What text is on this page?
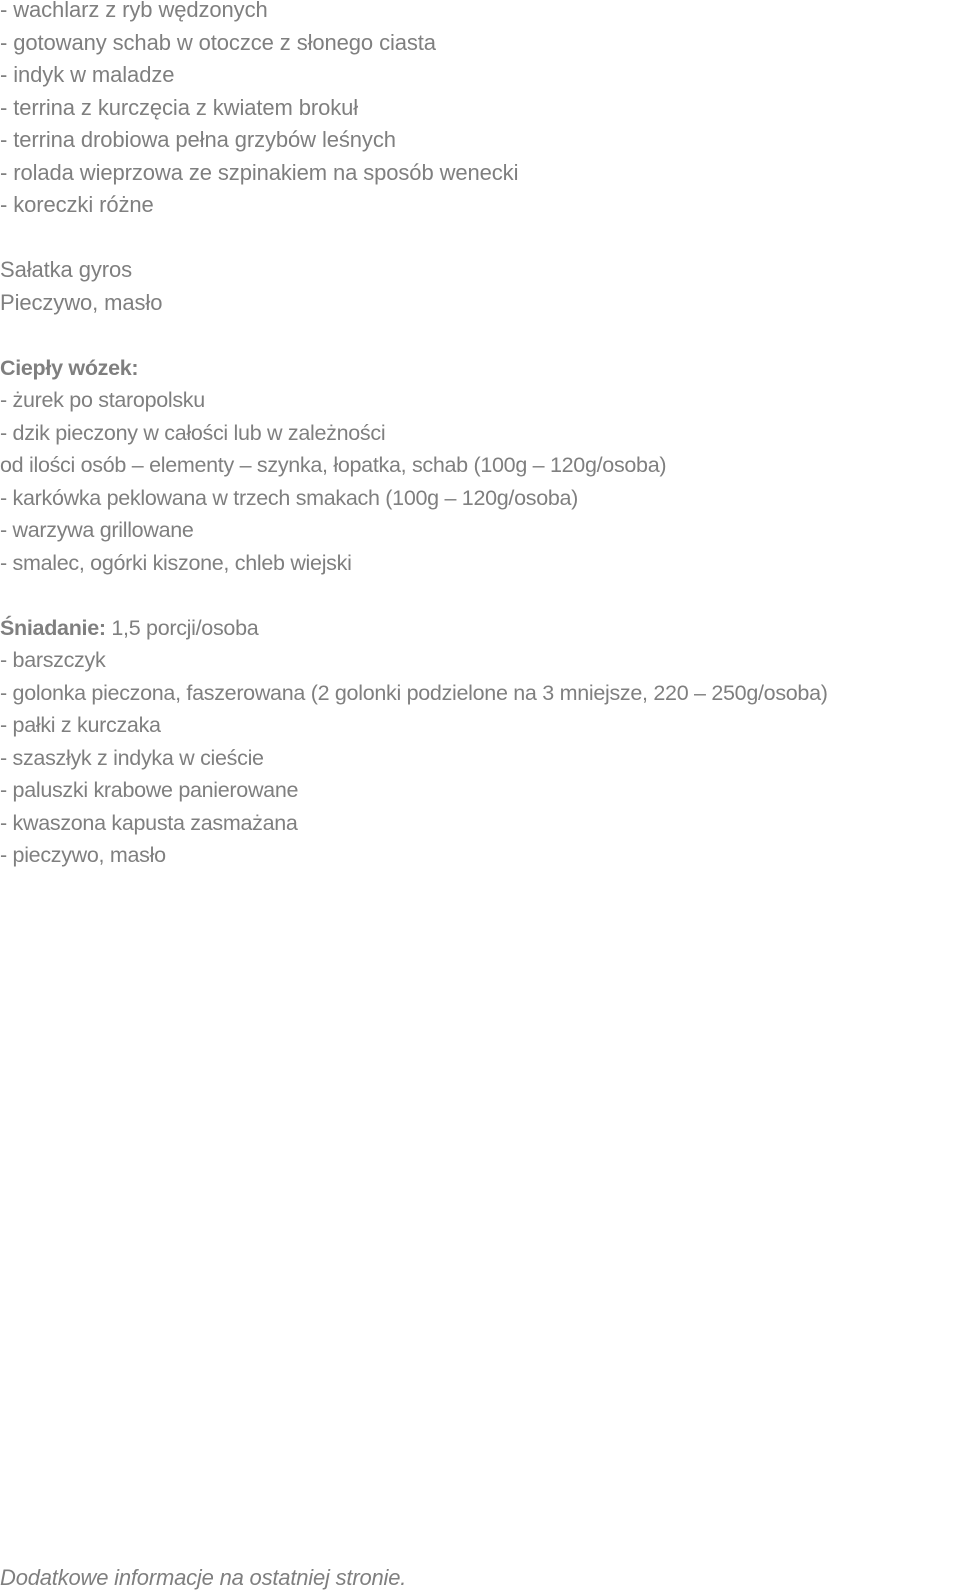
- wachlarz z ryb wędzonych
- gotowany schab w otoczce z słonego ciasta
- indyk w maladze
- terrina z kurczęcia z kwiatem brokuł
- terrina drobiowa pełna grzybów leśnych
- rolada wieprzowa ze szpinakiem na sposób wenecki
- koreczki różne
Sałatka gyros
Pieczywo, masło
Ciepły wózek:
- żurek po staropolsku
- dzik pieczony w całości lub w zależności
od ilości osób – elementy – szynka, łopatka, schab (100g – 120g/osoba)
- karkówka peklowana w trzech smakach (100g – 120g/osoba)
- warzywa grillowane
- smalec, ogórki kiszone, chleb wiejski
Śniadanie: 1,5 porcji/osoba
- barszczyk
- golonka pieczona, faszerowana (2 golonki podzielone na 3 mniejsze, 220 – 250g/osoba)
- pałki z kurczaka
- szaszłyk z indyka w cieście
- paluszki krabowe panierowane
- kwaszona kapusta zasmażana
- pieczywo, masło
Dodatkowe informacje na ostatniej stronie.
